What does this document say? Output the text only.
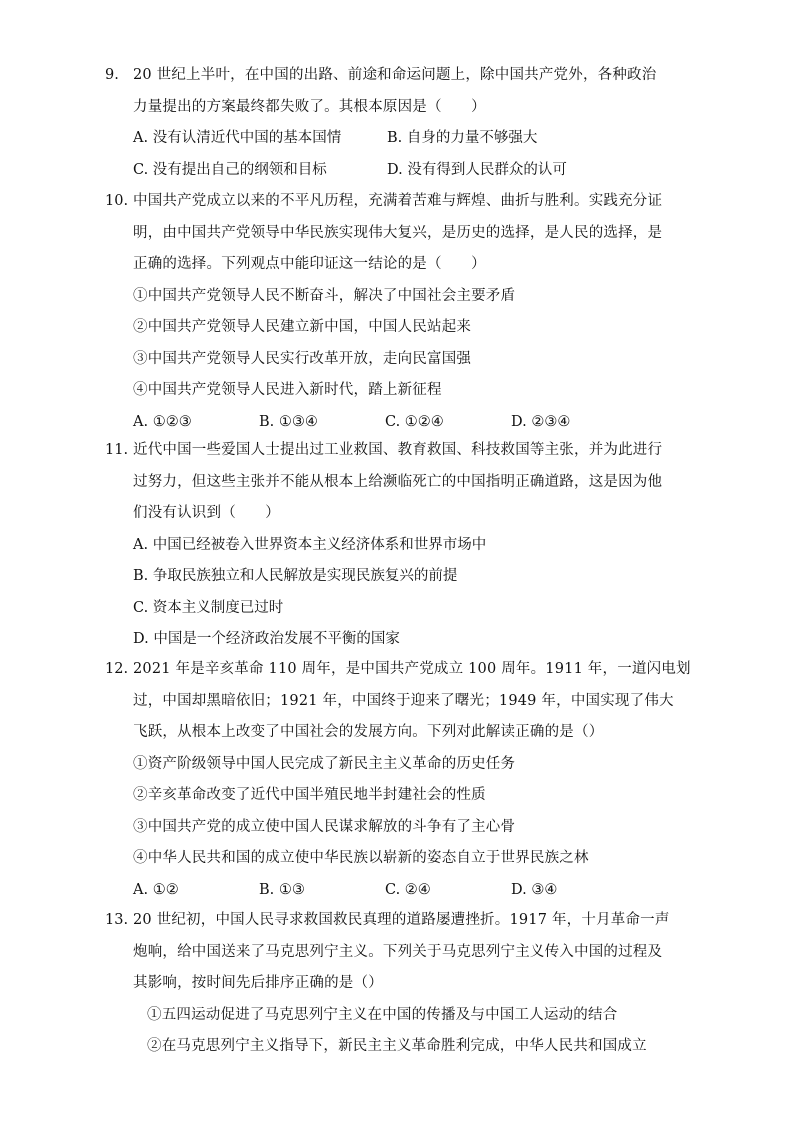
9. 20 世纪上半叶，在中国的出路、前途和命运问题上，除中国共产党外，各种政治
力量提出的方案最终都失败了。其根本原因是（　　）
A. 没有认清近代中国的基本国情	B. 自身的力量不够强大
C. 没有提出自己的纲领和目标	D. 没有得到人民群众的认可
10. 中国共产党成立以来的不平凡历程，充满着苦难与辉煌、曲折与胜利。实践充分证
明，由中国共产党领导中华民族实现伟大复兴，是历史的选择，是人民的选择，是
正确的选择。下列观点中能印证这一结论的是（　　）
①中国共产党领导人民不断奋斗，解决了中国社会主要矛盾
②中国共产党领导人民建立新中国，中国人民站起来
③中国共产党领导人民实行改革开放，走向民富国强
④中国共产党领导人民进入新时代，踏上新征程
A. ①②③	B. ①③④	C. ①②④	D. ②③④
11. 近代中国一些爱国人士提出过工业救国、教育救国、科技救国等主张，并为此进行
过努力，但这些主张并不能从根本上给濒临死亡的中国指明正确道路，这是因为他
们没有认识到（　　）
A. 中国已经被卷入世界资本主义经济体系和世界市场中
B. 争取民族独立和人民解放是实现民族复兴的前提
C. 资本主义制度已过时
D. 中国是一个经济政治发展不平衡的国家
12. 2021 年是辛亥革命 110 周年，是中国共产党成立 100 周年。1911 年，一道闪电划
过，中国却黑暗依旧；1921 年，中国终于迎来了曙光；1949 年，中国实现了伟大
飞跃，从根本上改变了中国社会的发展方向。下列对此解读正确的是（）
①资产阶级领导中国人民完成了新民主主义革命的历史任务
②辛亥革命改变了近代中国半殖民地半封建社会的性质
③中国共产党的成立使中国人民谋求解放的斗争有了主心骨
④中华人民共和国的成立使中华民族以崭新的姿态自立于世界民族之林
A. ①②	B. ①③	C. ②④	D. ③④
13. 20 世纪初，中国人民寻求救国救民真理的道路屡遭挫折。1917 年，十月革命一声
炮响，给中国送来了马克思列宁主义。下列关于马克思列宁主义传入中国的过程及
其影响，按时间先后排序正确的是（）
①五四运动促进了马克思列宁主义在中国的传播及与中国工人运动的结合
②在马克思列宁主义指导下，新民主主义革命胜利完成，中华人民共和国成立
